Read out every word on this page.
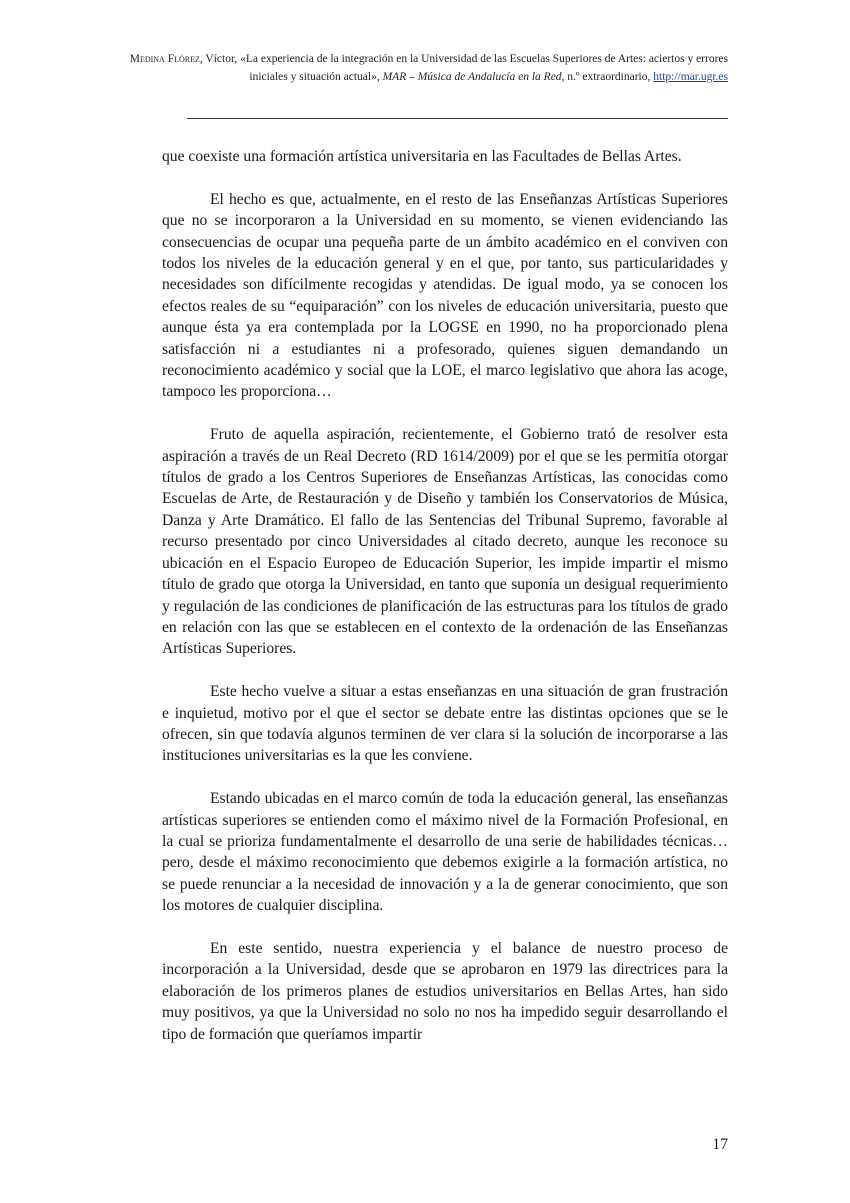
Medina Flórez, Víctor, «La experiencia de la integración en la Universidad de las Escuelas Superiores de Artes: aciertos y errores iniciales y situación actual», MAR – Música de Andalucía en la Red, n.º extraordinario, http://mar.ugr.es

que coexiste una formación artística universitaria en las Facultades de Bellas Artes.

El hecho es que, actualmente, en el resto de las Enseñanzas Artísticas Superiores que no se incorporaron a la Universidad en su momento, se vienen evidenciando las consecuencias de ocupar una pequeña parte de un ámbito académico en el conviven con todos los niveles de la educación general y en el que, por tanto, sus particularidades y necesidades son difícilmente recogidas y atendidas. De igual modo, ya se conocen los efectos reales de su “equiparación” con los niveles de educación universitaria, puesto que aunque ésta ya era contemplada por la LOGSE en 1990, no ha proporcionado plena satisfacción ni a estudiantes ni a profesorado, quienes siguen demandando un reconocimiento académico y social que la LOE, el marco legislativo que ahora las acoge, tampoco les proporciona…

Fruto de aquella aspiración, recientemente, el Gobierno trató de resolver esta aspiración a través de un Real Decreto (RD 1614/2009) por el que se les permitía otorgar títulos de grado a los Centros Superiores de Enseñanzas Artísticas, las conocidas como Escuelas de Arte, de Restauración y de Diseño y también los Conservatorios de Música, Danza y Arte Dramático. El fallo de las Sentencias del Tribunal Supremo, favorable al recurso presentado por cinco Universidades al citado decreto, aunque les reconoce su ubicación en el Espacio Europeo de Educación Superior, les impide impartir el mismo título de grado que otorga la Universidad, en tanto que suponía un desigual requerimiento y regulación de las condiciones de planificación de las estructuras para los títulos de grado en relación con las que se establecen en el contexto de la ordenación de las Enseñanzas Artísticas Superiores.

Este hecho vuelve a situar a estas enseñanzas en una situación de gran frustración e inquietud, motivo por el que el sector se debate entre las distintas opciones que se le ofrecen, sin que todavía algunos terminen de ver clara si la solución de incorporarse a las instituciones universitarias es la que les conviene.

Estando ubicadas en el marco común de toda la educación general, las enseñanzas artísticas superiores se entienden como el máximo nivel de la Formación Profesional, en la cual se prioriza fundamentalmente el desarrollo de una serie de habilidades técnicas… pero, desde el máximo reconocimiento que debemos exigirle a la formación artística, no se puede renunciar a la necesidad de innovación y a la de generar conocimiento, que son los motores de cualquier disciplina.

En este sentido, nuestra experiencia y el balance de nuestro proceso de incorporación a la Universidad, desde que se aprobaron en 1979 las directrices para la elaboración de los primeros planes de estudios universitarios en Bellas Artes, han sido muy positivos, ya que la Universidad no solo no nos ha impedido seguir desarrollando el tipo de formación que queríamos impartir

17
